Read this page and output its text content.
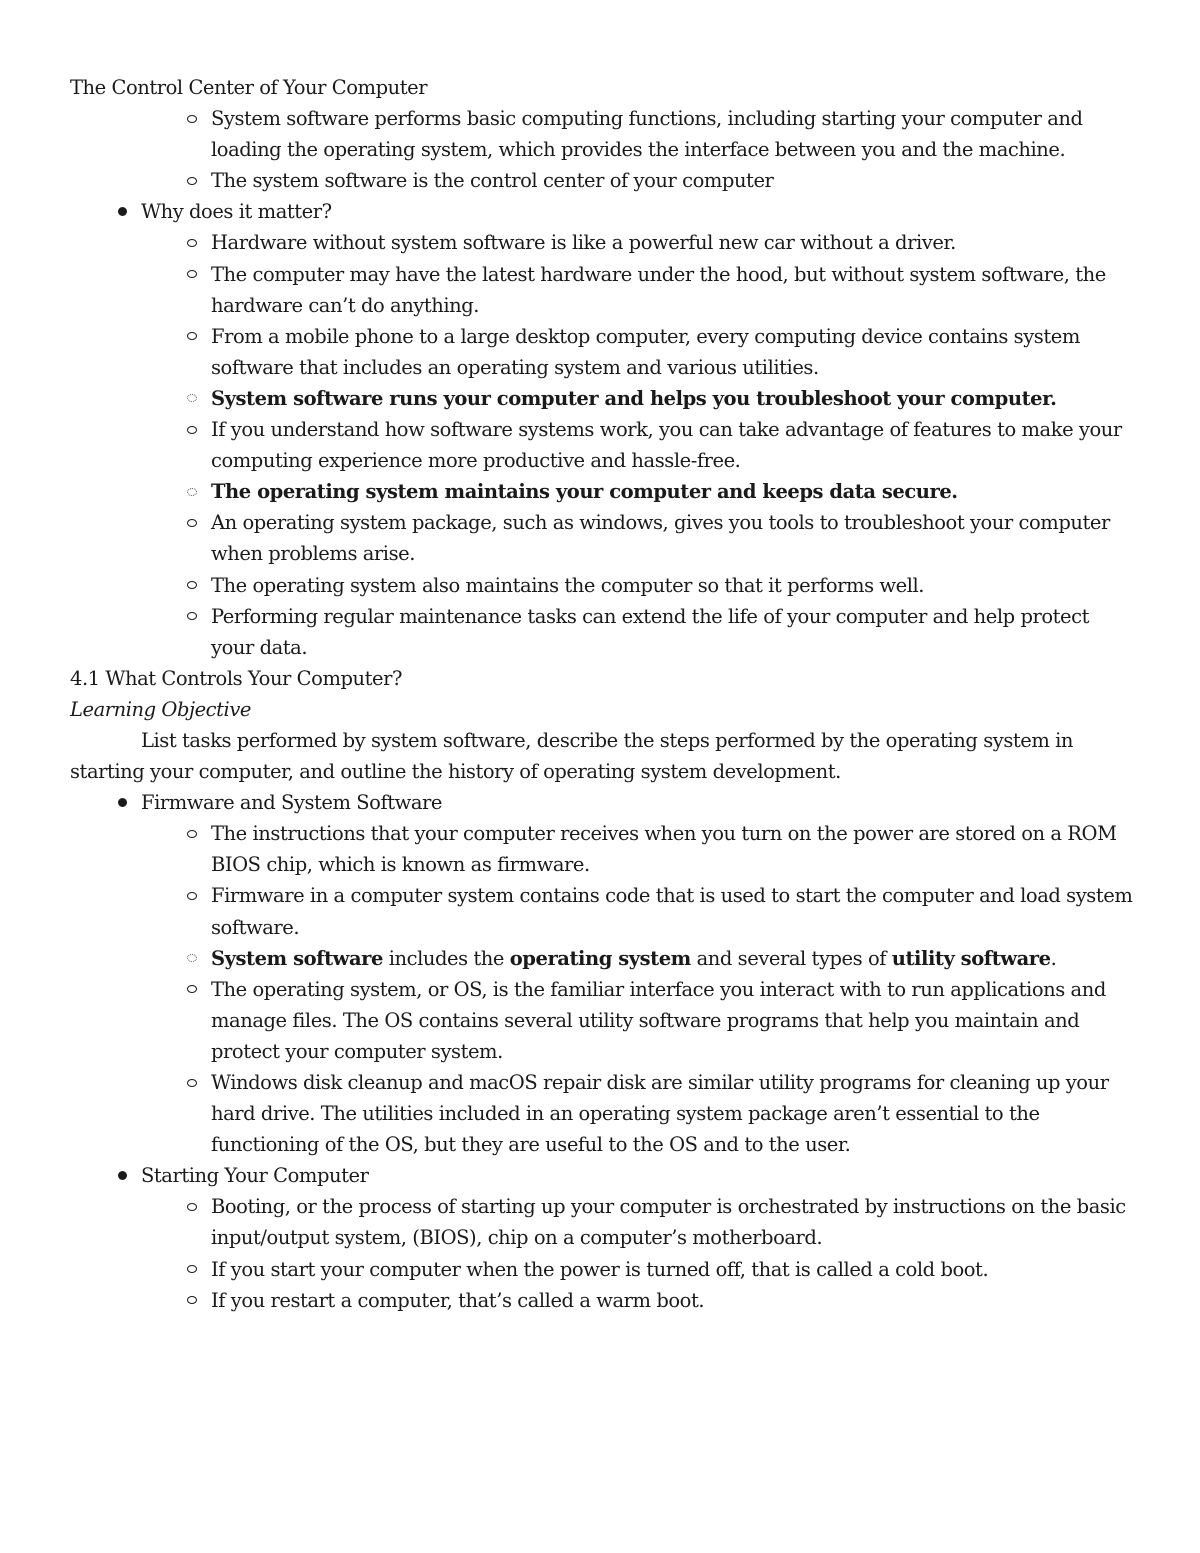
The Control Center of Your Computer
System software performs basic computing functions, including starting your computer and loading the operating system, which provides the interface between you and the machine.
The system software is the control center of your computer
Why does it matter?
Hardware without system software is like a powerful new car without a driver.
The computer may have the latest hardware under the hood, but without system software, the hardware can’t do anything.
From a mobile phone to a large desktop computer, every computing device contains system software that includes an operating system and various utilities.
System software runs your computer and helps you troubleshoot your computer.
If you understand how software systems work, you can take advantage of features to make your computing experience more productive and hassle-free.
The operating system maintains your computer and keeps data secure.
An operating system package, such as windows, gives you tools to troubleshoot your computer when problems arise.
The operating system also maintains the computer so that it performs well.
Performing regular maintenance tasks can extend the life of your computer and help protect your data.
4.1 What Controls Your Computer?
Learning Objective
List tasks performed by system software, describe the steps performed by the operating system in starting your computer, and outline the history of operating system development.
Firmware and System Software
The instructions that your computer receives when you turn on the power are stored on a ROM BIOS chip, which is known as firmware.
Firmware in a computer system contains code that is used to start the computer and load system software.
System software includes the operating system and several types of utility software.
The operating system, or OS, is the familiar interface you interact with to run applications and manage files. The OS contains several utility software programs that help you maintain and protect your computer system.
Windows disk cleanup and macOS repair disk are similar utility programs for cleaning up your hard drive. The utilities included in an operating system package aren’t essential to the functioning of the OS, but they are useful to the OS and to the user.
Starting Your Computer
Booting, or the process of starting up your computer is orchestrated by instructions on the basic input/output system, (BIOS), chip on a computer’s motherboard.
If you start your computer when the power is turned off, that is called a cold boot.
If you restart a computer, that’s called a warm boot.
